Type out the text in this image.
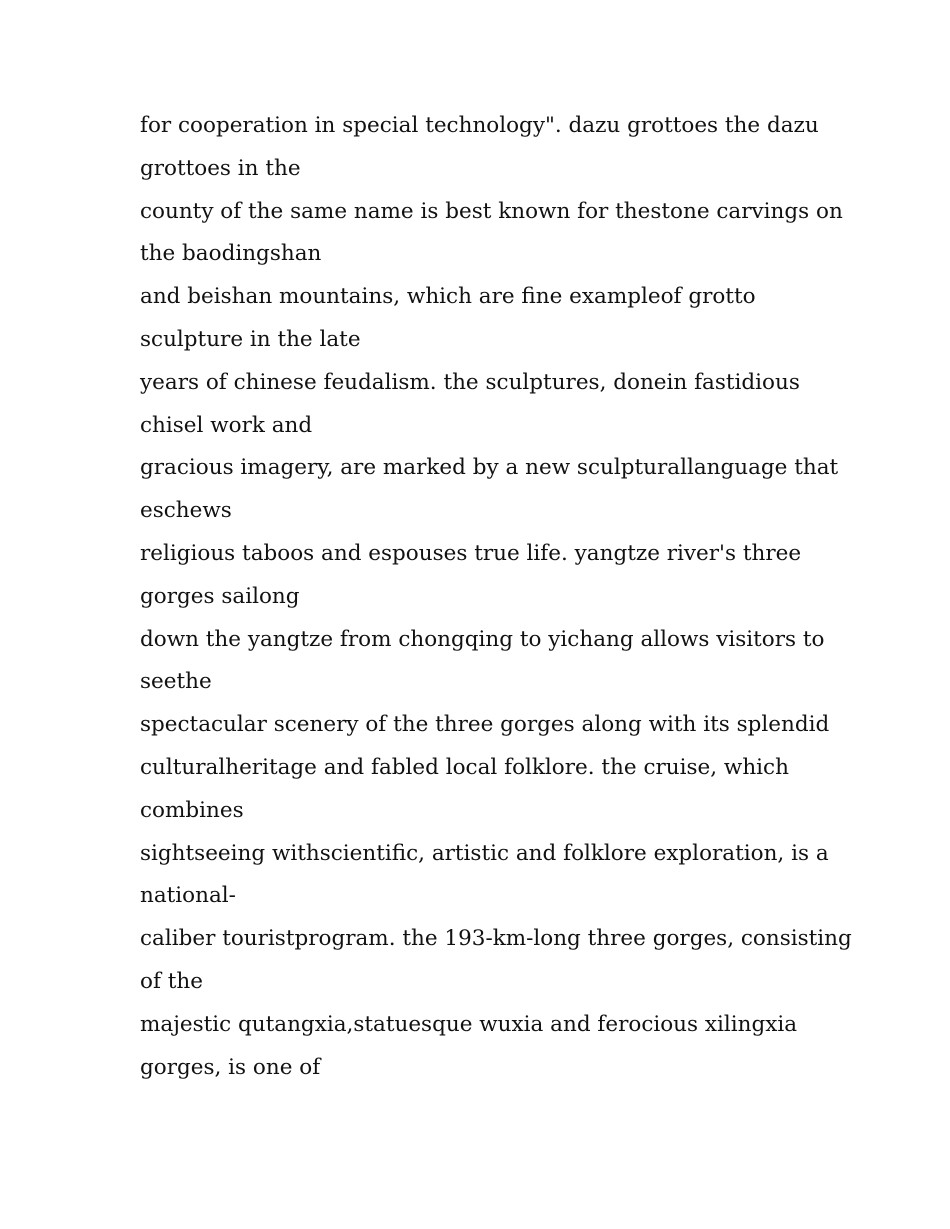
for cooperation in special technology". dazu grottoes the dazu
grottoes in the
county of the same name is best known for thestone carvings on
the baodingshan
and beishan mountains, which are fine exampleof grotto
sculpture in the late
years of chinese feudalism. the sculptures, donein fastidious
chisel work and
gracious imagery, are marked by a new sculpturallanguage that
eschews
religious taboos and espouses true life. yangtze river's three
gorges sailong
down the yangtze from chongqing to yichang allows visitors to
seethe
spectacular scenery of the three gorges along with its splendid
culturalheritage and fabled local folklore. the cruise, which
combines
sightseeing withscientific, artistic and folklore exploration, is a
national-
caliber touristprogram. the 193-km-long three gorges, consisting
of the
majestic qutangxia,statuesque wuxia and ferocious xilingxia
gorges, is one of
